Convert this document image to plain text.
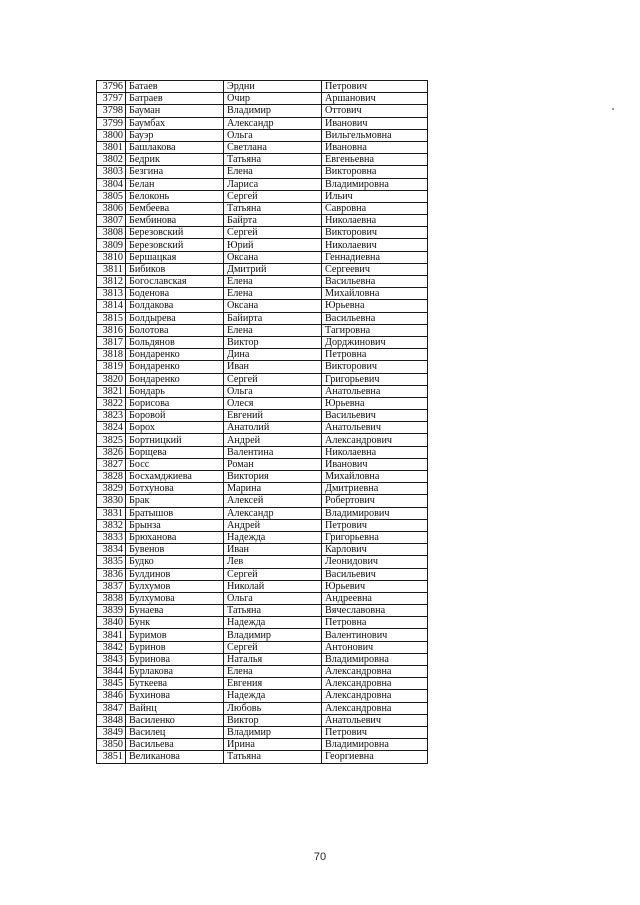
3796	Батаев	Эрдни	Петрович
3797	Батраев	Очир	Аршанович
3798	Бауман	Владимир	Оттович
3799	Баумбах	Александр	Иванович
3800	Бауэр	Ольга	Вильгельмовна
3801	Башлакова	Светлана	Ивановна
3802	Бедрик	Татьяна	Евгеньевна
3803	Безгина	Елена	Викторовна
3804	Белан	Лариса	Владимировна
3805	Белоконь	Сергей	Ильич
3806	Бембеева	Татьяна	Савровна
3807	Бембинова	Байрта	Николаевна
3808	Березовский	Сергей	Викторович
3809	Березовский	Юрий	Николаевич
3810	Бершацкая	Оксана	Геннадиевна
3811	Бибиков	Дмитрий	Сергеевич
3812	Богославская	Елена	Васильевна
3813	Боденова	Елена	Михайловна
3814	Болдакова	Оксана	Юрьевна
3815	Болдырева	Байирта	Васильевна
3816	Болотова	Елена	Тагировна
3817	Больдянов	Виктор	Дорджинович
3818	Бондаренко	Дина	Петровна
3819	Бондаренко	Иван	Викторович
3820	Бондаренко	Сергей	Григорьевич
3821	Бондарь	Ольга	Анатольевна
3822	Борисова	Олеся	Юрьевна
3823	Боровой	Евгений	Васильевич
3824	Борох	Анатолий	Анатольевич
3825	Бортницкий	Андрей	Александрович
3826	Борщева	Валентина	Николаевна
3827	Босс	Роман	Иванович
3828	Босхамджиева	Виктория	Михайловна
3829	Ботхунова	Марина	Дмитриевна
3830	Брак	Алексей	Робертович
3831	Братышов	Александр	Владимирович
3832	Брынза	Андрей	Петрович
3833	Брюханова	Надежда	Григорьевна
3834	Бувенов	Иван	Карлович
3835	Будко	Лев	Леонидович
3836	Булдинов	Сергей	Васильевич
3837	Булхумов	Николай	Юрьевич
3838	Булхумова	Ольга	Андреевна
3839	Бунаева	Татьяна	Вячеславовна
3840	Бунк	Надежда	Петровна
3841	Буримов	Владимир	Валентинович
3842	Буринов	Сергей	Антонович
3843	Буринова	Наталья	Владимировна
3844	Бурлакова	Елена	Александровна
3845	Буткеева	Евгения	Александровна
3846	Бухинова	Надежда	Александровна
3847	Вайнц	Любовь	Александровна
3848	Василенко	Виктор	Анатольевич
3849	Василец	Владимир	Петрович
3850	Васильева	Ирина	Владимировна
3851	Великанова	Татьяна	Георгиевна
70
